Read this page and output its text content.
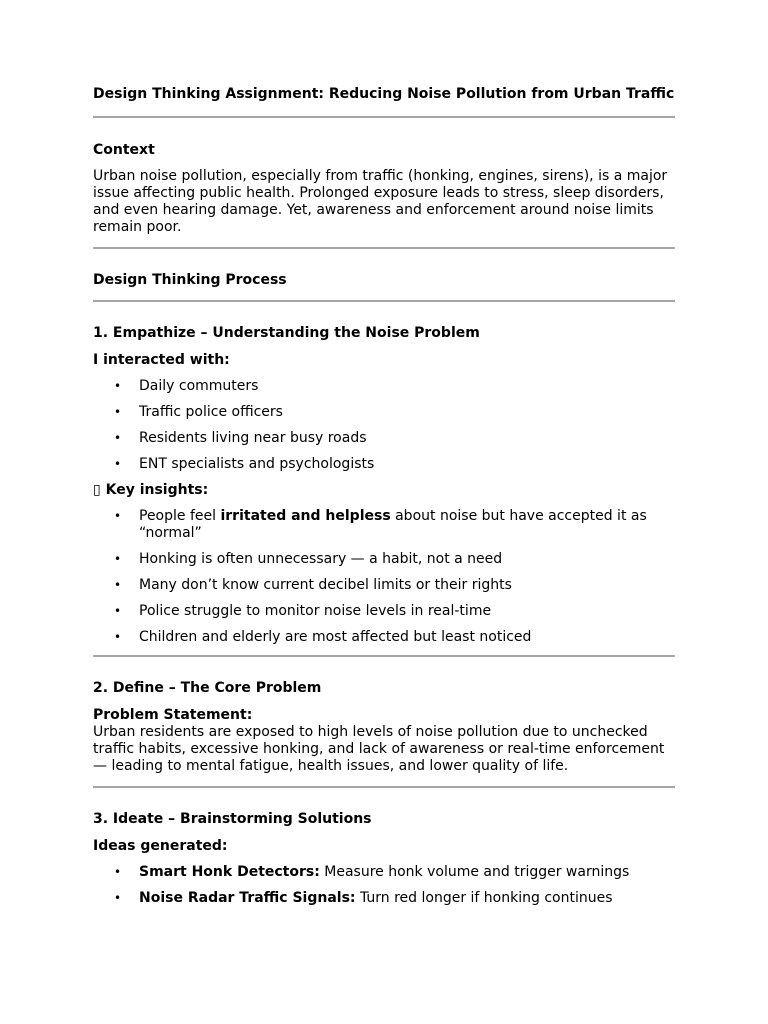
Design Thinking Assignment: Reducing Noise Pollution from Urban Traffic
Context

Urban noise pollution, especially from traffic (honking, engines, sirens), is a major issue affecting public health. Prolonged exposure leads to stress, sleep disorders, and even hearing damage. Yet, awareness and enforcement around noise limits remain poor.

Design Thinking Process
1. Empathize – Understanding the Noise Problem
I interacted with:
• Daily commuters
• Traffic police officers
• Residents living near busy roads
• ENT specialists and psychologists
▯ Key insights:
• People feel irritated and helpless about noise but have accepted it as “normal”
• Honking is often unnecessary — a habit, not a need
• Many don’t know current decibel limits or their rights
• Police struggle to monitor noise levels in real-time
• Children and elderly are most affected but least noticed
2. Define – The Core Problem
Problem Statement:

Urban residents are exposed to high levels of noise pollution due to unchecked traffic habits, excessive honking, and lack of awareness or real-time enforcement — leading to mental fatigue, health issues, and lower quality of life.

3. Ideate – Brainstorming Solutions
Ideas generated:
• Smart Honk Detectors: Measure honk volume and trigger warnings
• Noise Radar Traffic Signals: Turn red longer if honking continues
